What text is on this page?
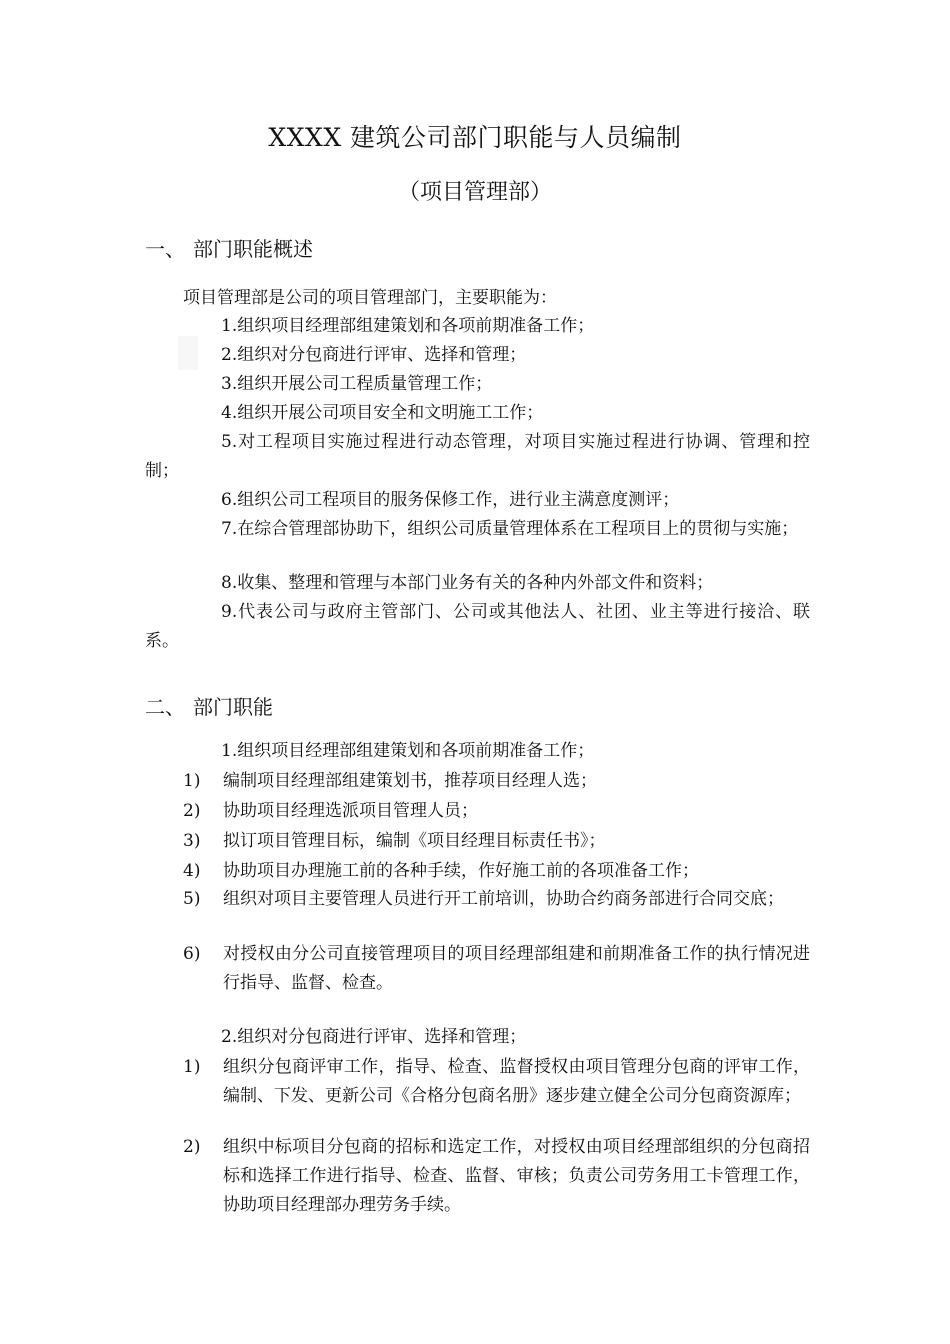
XXXX 建筑公司部门职能与人员编制
（项目管理部）
一、 部门职能概述
项目管理部是公司的项目管理部门，主要职能为：
1.组织项目经理部组建策划和各项前期准备工作；
2.组织对分包商进行评审、选择和管理；
3.组织开展公司工程质量管理工作；
4.组织开展公司项目安全和文明施工工作；
5.对工程项目实施过程进行动态管理，对项目实施过程进行协调、管理和控制；
6.组织公司工程项目的服务保修工作，进行业主满意度测评；
7.在综合管理部协助下，组织公司质量管理体系在工程项目上的贯彻与实施；
8.收集、整理和管理与本部门业务有关的各种内外部文件和资料；
9.代表公司与政府主管部门、公司或其他法人、社团、业主等进行接洽、联系。
二、 部门职能
1.组织项目经理部组建策划和各项前期准备工作；
1)	编制项目经理部组建策划书，推荐项目经理人选；
2)	协助项目经理选派项目管理人员；
3)	拟订项目管理目标，编制《项目经理目标责任书》；
4)	协助项目办理施工前的各种手续，作好施工前的各项准备工作；
5)	组织对项目主要管理人员进行开工前培训，协助合约商务部进行合同交底；
6)	对授权由分公司直接管理项目的项目经理部组建和前期准备工作的执行情况进行指导、监督、检查。
2.组织对分包商进行评审、选择和管理；
1)	组织分包商评审工作，指导、检查、监督授权由项目管理分包商的评审工作，编制、下发、更新公司《合格分包商名册》逐步建立健全公司分包商资源库；
2)	组织中标项目分包商的招标和选定工作，对授权由项目经理部组织的分包商招标和选择工作进行指导、检查、监督、审核；负责公司劳务用工卡管理工作，协助项目经理部办理劳务手续。
